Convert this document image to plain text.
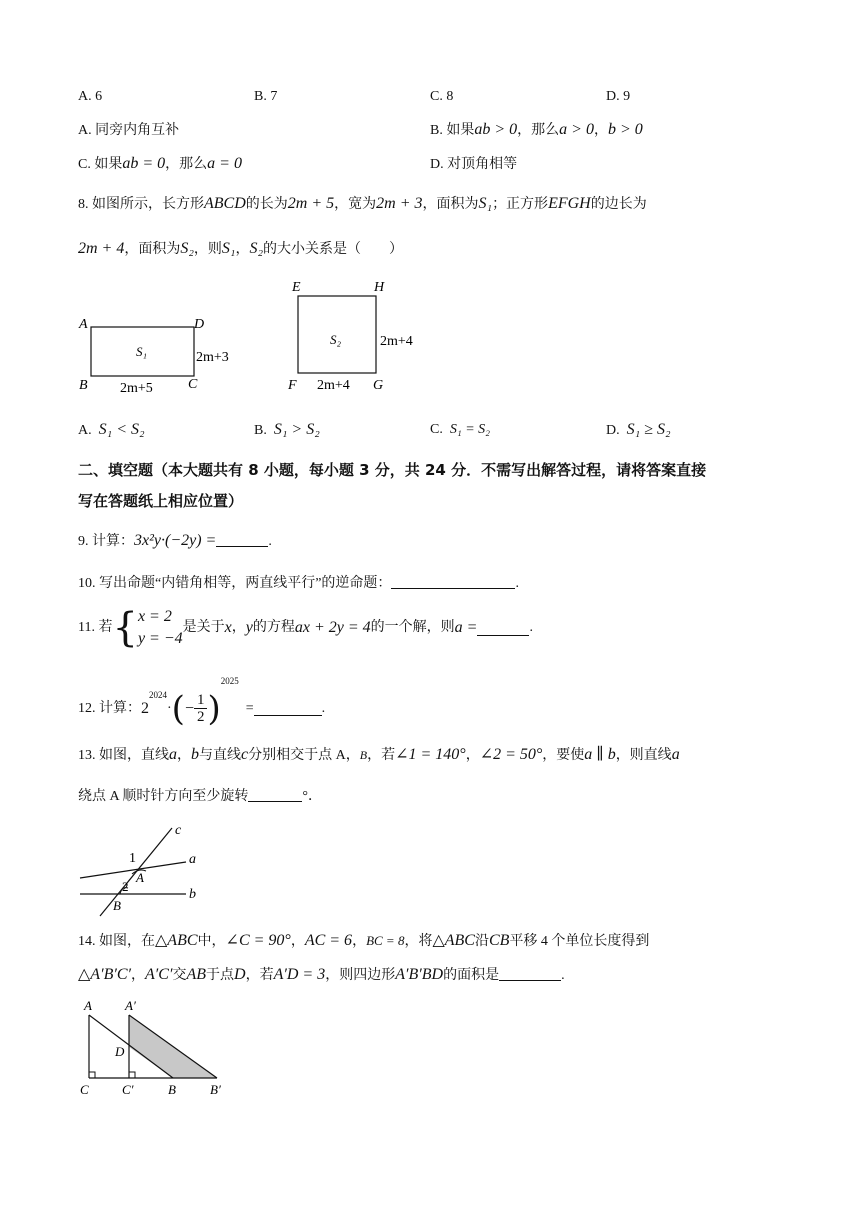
A. 6	B. 7	C. 8	D. 9
A. 同旁内角互补	B. 如果ab > 0，那么a > 0，b > 0
C. 如果ab = 0，那么a = 0	D. 对顶角相等
8. 如图所示，长方形ABCD的长为2m + 5，宽为2m + 3，面积为S₁；正方形EFGH的边长为
2m + 4，面积为S₂，则S₁，S₂的大小关系是（　　）
A	D
B	C
S₁	2m+3
2m+5
E	H
F	G
S₂	2m+4
2m+4
A. S₁ < S₂	B. S₁ > S₂	C. S₁ = S₂	D. S₁ ≥ S₂
二、填空题（本大题共有 8 小题，每小题 3 分，共 24 分．不需写出解答过程，请将答案直接
写在答题纸上相应位置）
9. 计算：3x²y·(−2y) =	.
10. 写出命题“内错角相等，两直线平行”的逆命题：	.
11. 若{ x = 2
y = −4
是关于x，y的方程ax + 2y = 4的一个解，则a =	.
12. 计算：$2^{2024}\cdot(- \frac{1}{2} )^{2025}$  =	.
13. 如图，直线a，b与直线c分别相交于点 A，B，若∠1 = 140°，∠2 = 50°，要使a ∥ b，则直线a
绕点 A 顺时针方向至少旋转	°．
c
a
b
1
2
A
B
14. 如图，在△ABC中，∠C = 90°，AC = 6，BC = 8，将△ABC沿CB平移 4 个单位长度得到
△A′B′C′，A′C′交AB于点D，若A′D = 3，则四边形A′B′BD的面积是	.
A	A′
D
C	C′	B	B′
